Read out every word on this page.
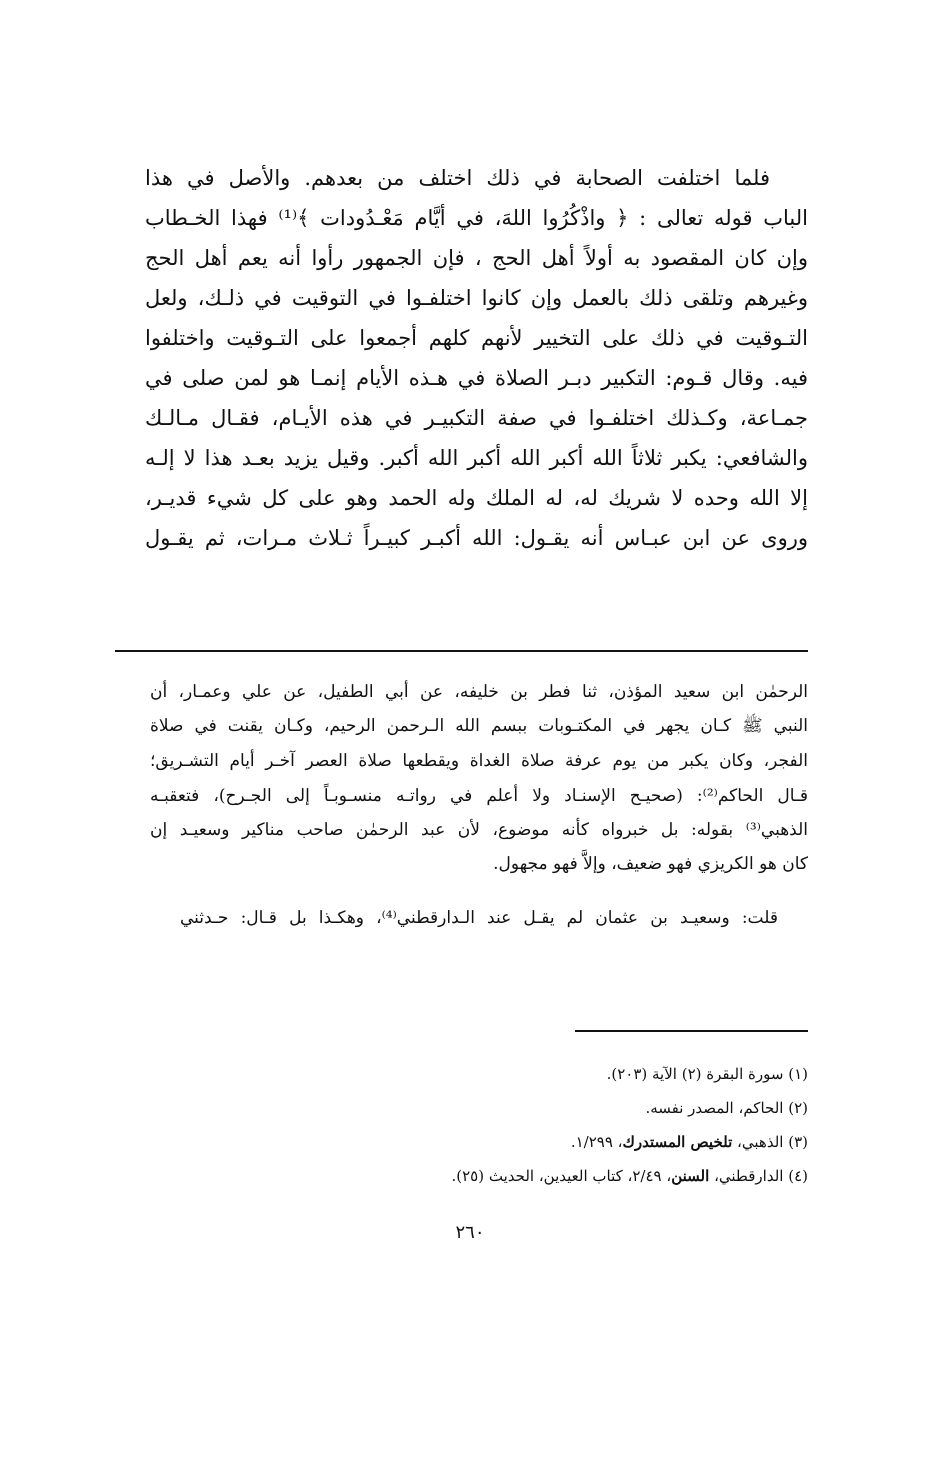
فلما اختلفت الصحابة في ذلك اختلف من بعدهم. والأصل في هذا
الباب قوله تعالى : ﴿ واذْكُرُوا اللهَ، في أيَّام مَعْـدُودات ﴾⁽¹⁾ فهذا الخـطاب
وإن كان المقصود به أولاً أهل الحج ، فإن الجمهور رأوا أنه يعم أهل الحج
وغيرهم وتلقى ذلك بالعمل وإن كانوا اختلفـوا في التوقيت في ذلـك، ولعل
التـوقيت في ذلك على التخيير لأنهم كلهم أجمعوا على التـوقيت واختلفوا
فيه. وقال قـوم: التكبير دبـر الصلاة في هـذه الأيام إنمـا هو لمن صلى في
جمـاعة، وكـذلك اختلفـوا في صفة التكبيـر في هذه الأيـام، فقـال مـالـك
والشافعي: يكبر ثلاثاً الله أكبر الله أكبر الله أكبر. وقيل يزيد بعـد هذا لا إلـه
إلا الله وحده لا شريك له، له الملك وله الحمد وهو على كل شيء قديـر،
وروى عن ابن عبـاس أنه يقـول: الله أكبـر كبيـراً ثـلاث مـرات، ثم يقـول
الرحمٰن ابن سعيد المؤذن، ثنا فطر بن خليفه، عن أبي الطفيل، عن علي وعمـار، أن
النبي ﷺ كـان يجهر في المكتـوبات ببسم الله الـرحمن الرحيم، وكـان يقنت في صلاة
الفجر، وكان يكبر من يوم عرفة صلاة الغداة ويقطعها صلاة العصر آخـر أيام التشـريق؛
قـال الحاكم⁽²⁾: (صحيـح الإسنـاد ولا أعلم في رواتـه منسـوبـاً إلى الجـرح)، فتعقبـه
الذهبي⁽³⁾ بقوله: بل خبرواه كأنه موضوع، لأن عبد الرحمٰن صاحب مناكير وسعيـد إن
كان هو الكريزي فهو ضعيف، وإلاَّ فهو مجهول.
قلت: وسعيـد بن عثمان لم يقـل عند الـدارقطني⁽⁴⁾، وهكـذا بل قـال: حـدثني
(١) سورة البقرة (٢) الآية (٢٠٣).
(٢) الحاكم، المصدر نفسه.
(٣) الذهبي، تلخيص المستدرك، ١/٢٩٩.
(٤) الدارقطني، السنن، ٢/٤٩، كتاب العيدين، الحديث (٢٥).
٢٦٠
